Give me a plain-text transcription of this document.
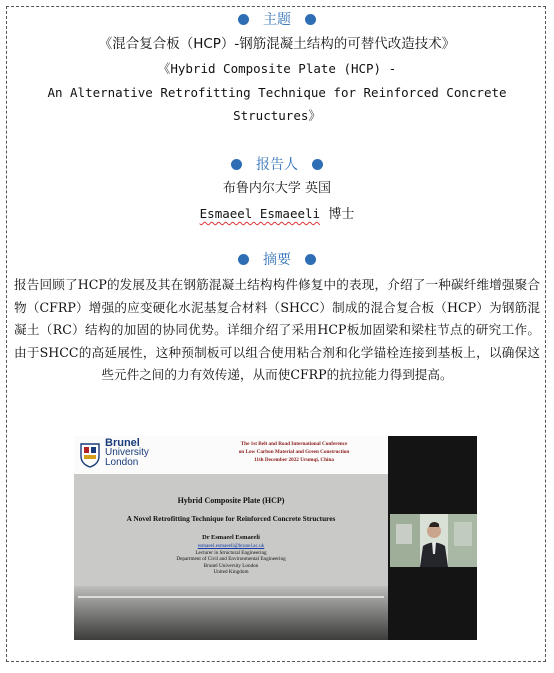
主题
《混合复合板（HCP）-钢筋混凝土结构的可替代改造技术》
《Hybrid Composite Plate (HCP) -
An Alternative Retrofitting Technique for Reinforced Concrete
Structures》
报告人
布鲁内尔大学 英国
Esmaeel Esmaeeli 博士
摘要
报告回顾了HCP的发展及其在钢筋混凝土结构构件修复中的表现，介绍了一种碳纤维增强聚合物（CFRP）增强的应变硬化水泥基复合材料（SHCC）制成的混合复合板（HCP）为钢筋混凝土（RC）结构的加固的协同优势。详细介绍了采用HCP板加固梁和梁柱节点的研究工作。由于SHCC的高延展性，这种预制板可以组合使用粘合剂和化学锚栓连接到基板上，以确保这些元件之间的力有效传递，从而使CFRP的抗拉能力得到提高。
Brunel
University
London
The 1st Belt and Road International Conference
on Low Carbon Material and Green Construction
11th December 2022 Urumqi, China
Hybrid Composite Plate (HCP)
A Novel Retrofitting Technique for Reinforced Concrete Structures
Dr Esmaeel Esmaeeli
esmaeel.esmaeeli@brunel.ac.uk
Lecturer in Structural Engineering
Department of Civil and Environmental Engineering
Brunel University London
United Kingdom
